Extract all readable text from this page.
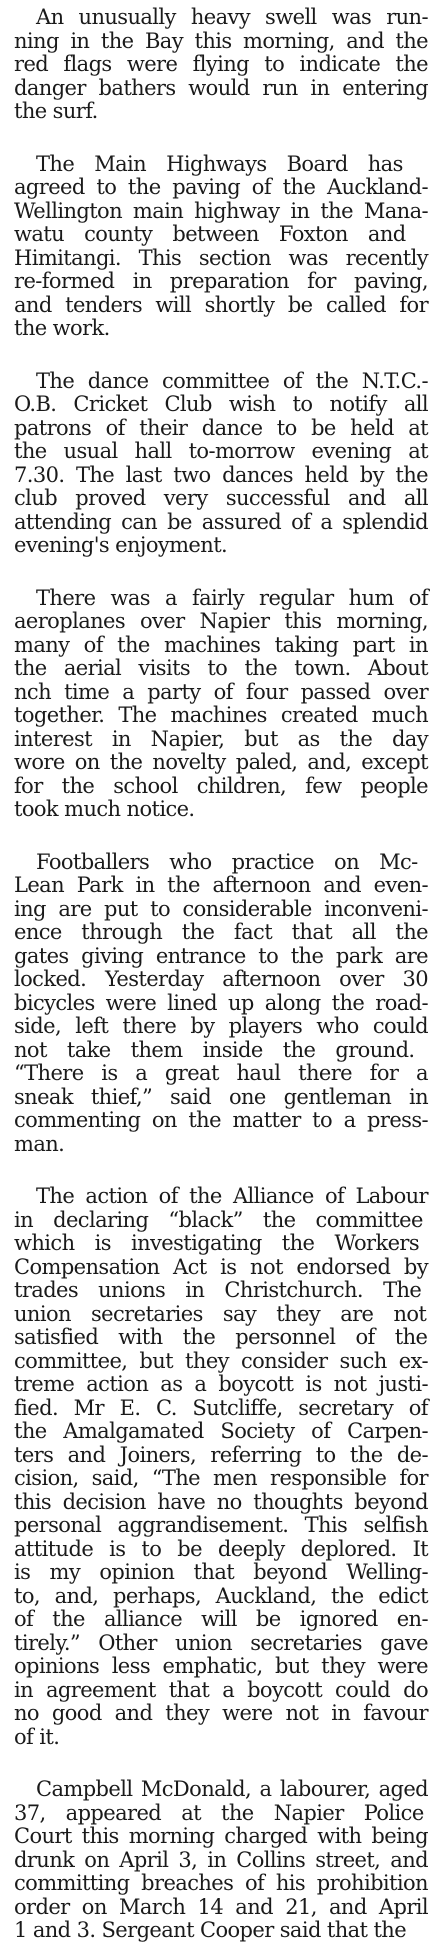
An unusually heavy swell was run-
ning in the Bay this morning, and the
red flags were flying to indicate the
danger bathers would run in entering
the surf.
The Main Highways Board has
agreed to the paving of the Auckland-
Wellington main highway in the Mana-
watu county between Foxton and
Himitangi. This section was recently
re-formed in preparation for paving,
and tenders will shortly be called for
the work.
The dance committee of the N.T.C.-
O.B. Cricket Club wish to notify all
patrons of their dance to be held at
the usual hall to-morrow evening at
7.30. The last two dances held by the
club proved very successful and all
attending can be assured of a splendid
evening's enjoyment.
There was a fairly regular hum of
aeroplanes over Napier this morning,
many of the machines taking part in
the aerial visits to the town. About
nch time a party of four passed over
together. The machines created much
interest in Napier, but as the day
wore on the novelty paled, and, except
for the school children, few people
took much notice.
Footballers who practice on Mc-
Lean Park in the afternoon and even-
ing are put to considerable inconveni-
ence through the fact that all the
gates giving entrance to the park are
locked. Yesterday afternoon over 30
bicycles were lined up along the road-
side, left there by players who could
not take them inside the ground.
“There is a great haul there for a
sneak thief,” said one gentleman in
commenting on the matter to a press-
man.
The action of the Alliance of Labour
in declaring “black” the committee
which is investigating the Workers
Compensation Act is not endorsed by
trades unions in Christchurch. The
union secretaries say they are not
satisfied with the personnel of the
committee, but they consider such ex-
treme action as a boycott is not justi-
fied. Mr E. C. Sutcliffe, secretary of
the Amalgamated Society of Carpen-
ters and Joiners, referring to the de-
cision, said, “The men responsible for
this decision have no thoughts beyond
personal aggrandisement. This selfish
attitude is to be deeply deplored. It
is my opinion that beyond Welling-
to, and, perhaps, Auckland, the edict
of the alliance will be ignored en-
tirely.” Other union secretaries gave
opinions less emphatic, but they were
in agreement that a boycott could do
no good and they were not in favour
of it.
Campbell McDonald, a labourer, aged
37, appeared at the Napier Police
Court this morning charged with being
drunk on April 3, in Collins street, and
committing breaches of his prohibition
order on March 14 and 21, and April
1 and 3. Sergeant Cooper said that the
